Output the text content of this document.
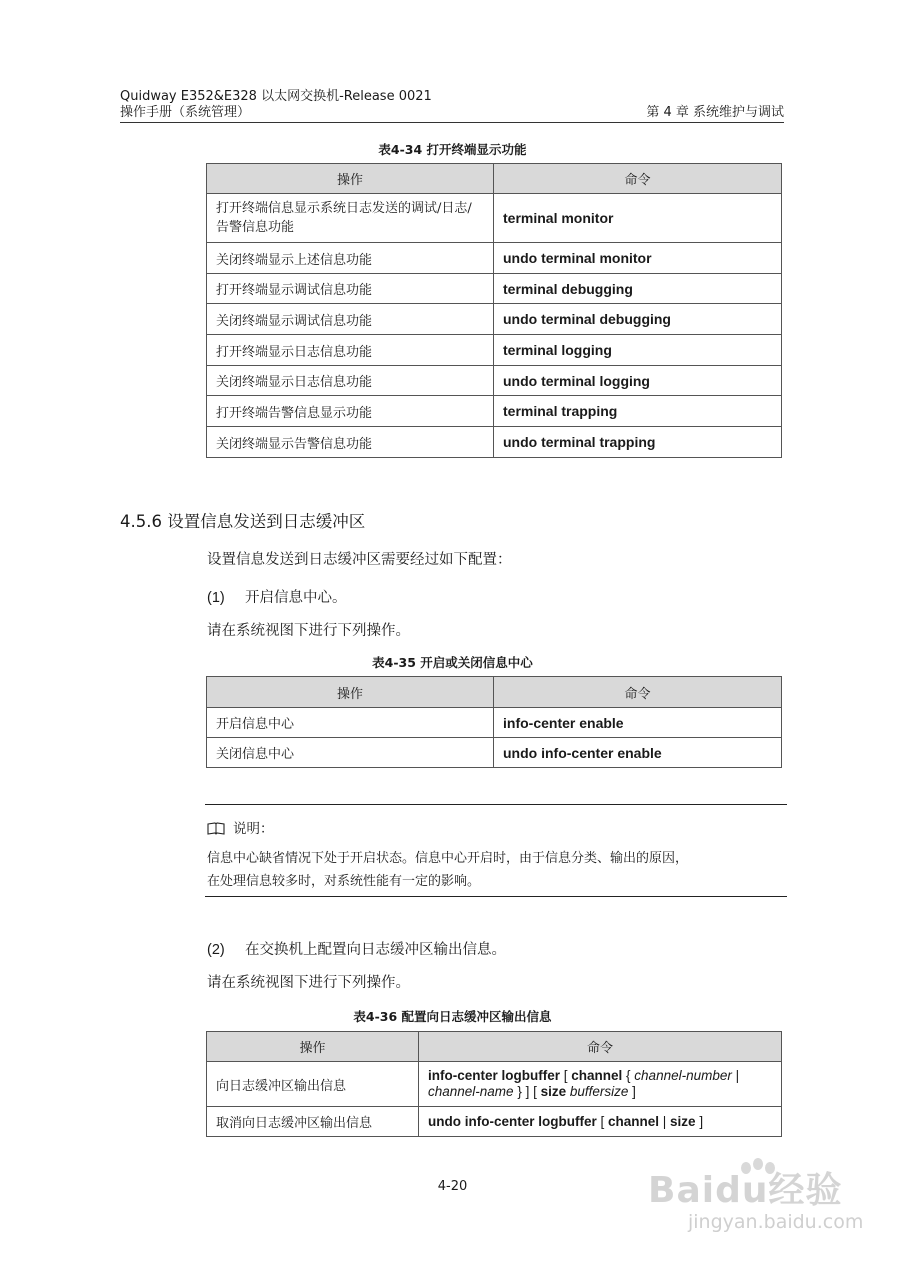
Quidway E352&E328 以太网交换机-Release 0021
操作手册（系统管理）	第 4 章 系统维护与调试
表4-34 打开终端显示功能
操作	命令
打开终端信息显示系统日志发送的调试/日志/告警信息功能	terminal monitor
关闭终端显示上述信息功能	undo terminal monitor
打开终端显示调试信息功能	terminal debugging
关闭终端显示调试信息功能	undo terminal debugging
打开终端显示日志信息功能	terminal logging
关闭终端显示日志信息功能	undo terminal logging
打开终端告警信息显示功能	terminal trapping
关闭终端显示告警信息功能	undo terminal trapping
4.5.6 设置信息发送到日志缓冲区
设置信息发送到日志缓冲区需要经过如下配置：
(1) 开启信息中心。
请在系统视图下进行下列操作。
表4-35 开启或关闭信息中心
操作	命令
开启信息中心	info-center enable
关闭信息中心	undo info-center enable
说明：
信息中心缺省情况下处于开启状态。信息中心开启时，由于信息分类、输出的原因，
在处理信息较多时，对系统性能有一定的影响。
(2) 在交换机上配置向日志缓冲区输出信息。
请在系统视图下进行下列操作。
表4-36 配置向日志缓冲区输出信息
操作	命令
向日志缓冲区输出信息	info-center logbuffer [ channel { channel-number |
channel-name } ] [ size buffersize ]
取消向日志缓冲区输出信息	undo info-center logbuffer [ channel | size ]
4-20	Baidu经验
jingyan.baidu.com
